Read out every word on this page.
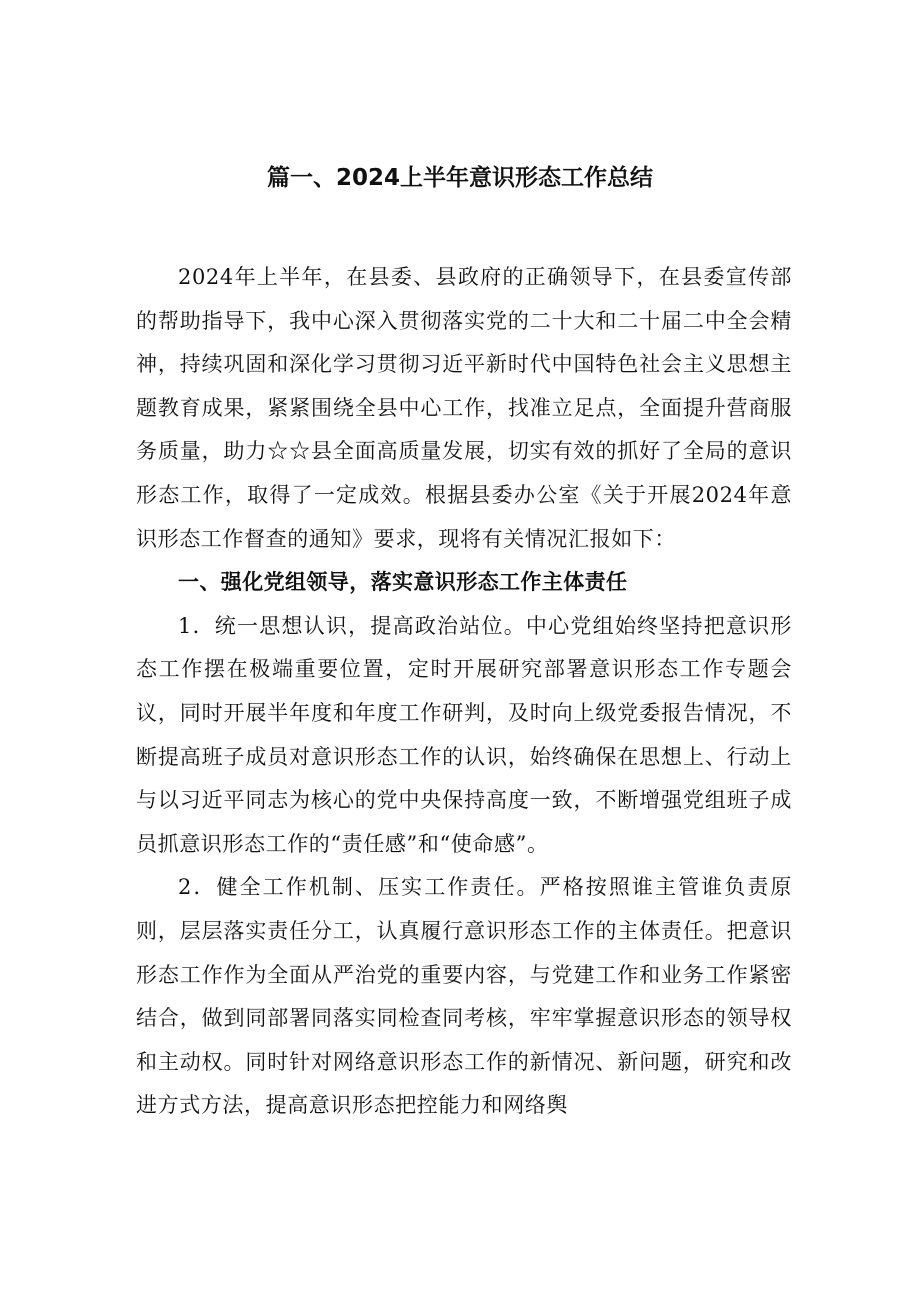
篇一、2024上半年意识形态工作总结

2024年上半年，在县委、县政府的正确领导下，在县委宣传部的帮助指导下，我中心深入贯彻落实党的二十大和二十届二中全会精神，持续巩固和深化学习贯彻习近平新时代中国特色社会主义思想主题教育成果，紧紧围绕全县中心工作，找准立足点，全面提升营商服务质量，助力☆☆县全面高质量发展，切实有效的抓好了全局的意识形态工作，取得了一定成效。根据县委办公室《关于开展2024年意识形态工作督查的通知》要求，现将有关情况汇报如下：

一、强化党组领导，落实意识形态工作主体责任

1．统一思想认识，提高政治站位。中心党组始终坚持把意识形态工作摆在极端重要位置，定时开展研究部署意识形态工作专题会议，同时开展半年度和年度工作研判，及时向上级党委报告情况，不断提高班子成员对意识形态工作的认识，始终确保在思想上、行动上与以习近平同志为核心的党中央保持高度一致，不断增强党组班子成员抓意识形态工作的“责任感”和“使命感”。

2．健全工作机制、压实工作责任。严格按照谁主管谁负责原则，层层落实责任分工，认真履行意识形态工作的主体责任。把意识形态工作作为全面从严治党的重要内容，与党建工作和业务工作紧密结合，做到同部署同落实同检查同考核，牢牢掌握意识形态的领导权和主动权。同时针对网络意识形态工作的新情况、新问题，研究和改进方式方法，提高意识形态把控能力和网络舆
